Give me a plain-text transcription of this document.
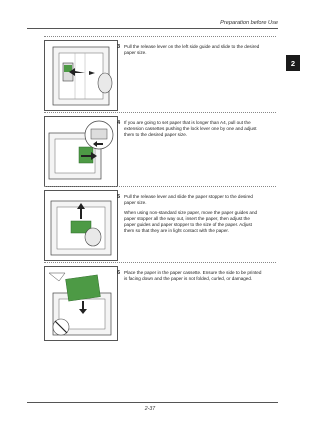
Preparation before Use
2
3 Pull the release lever on the left side guide and slide to the desired paper size.

4 If you are going to set paper that is longer than A4, pull out the extension cassettes pushing the lock lever one by one and adjust them to the desired paper size.

5 Pull the release lever and slide the paper stopper to the desired paper size.

When using non-standard size paper, move the paper guides and paper stopper all the way out, insert the paper, then adjust the paper guides and paper stopper to the size of the paper. Adjust them so that they are in light contact with the paper.

6 Place the paper in the paper cassette. Ensure the side to be printed is facing down and the paper is not folded, curled, or damaged.

2-37
